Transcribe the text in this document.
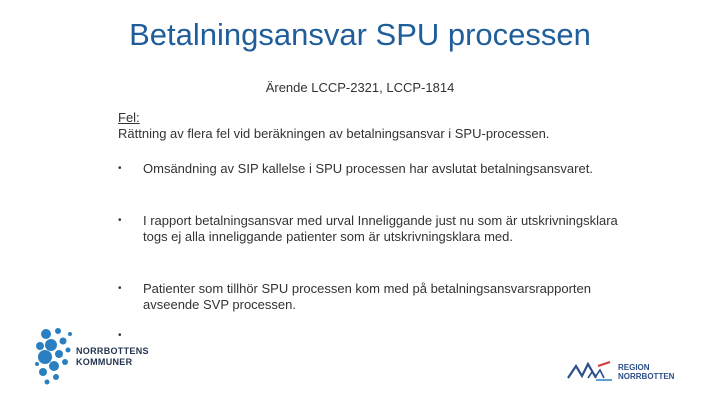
Betalningsansvar SPU processen
Ärende LCCP-2321, LCCP-1814
Fel:
Rättning av flera fel vid beräkningen av betalningsansvar i SPU-processen.
•	Omsändning av SIP kallelse i SPU processen har avslutat betalningsansvaret.
•	I rapport betalningsansvar med urval Inneliggande just nu som är utskrivningsklara togs ej alla inneliggande patienter som är utskrivningsklara med.
•	Patienter som tillhör SPU processen kom med på betalningsansvarsrapporten avseende SVP processen.
•
NORRBOTTENS
KOMMUNER
REGION
NORRBOTTEN
